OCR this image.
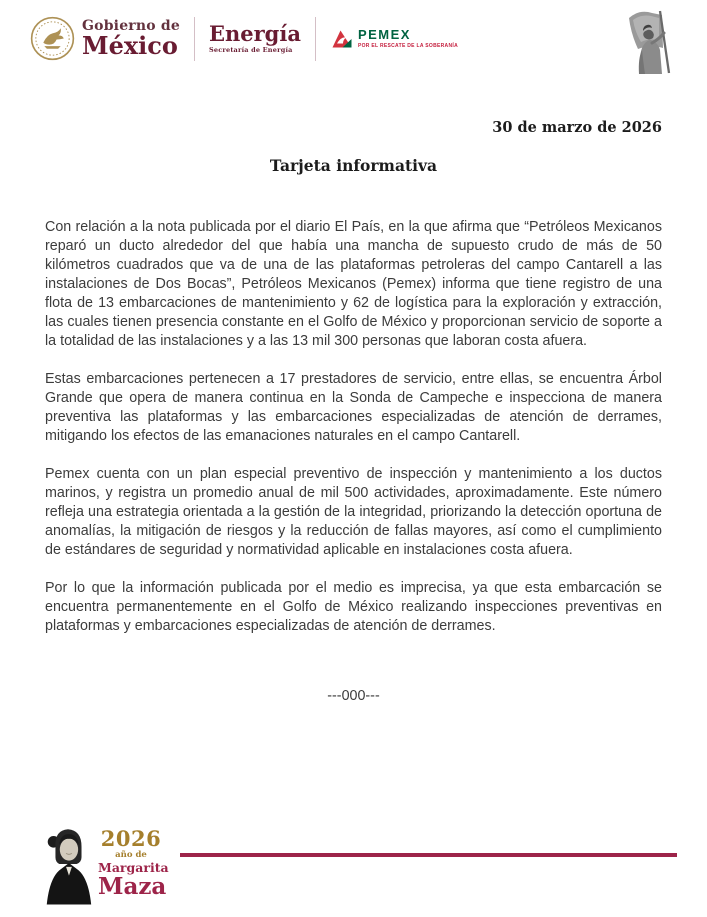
Gobierno de
México Energía
Secretaría de Energía
PEMEX
POR EL RESCATE DE LA SOBERANÍA
30 de marzo de 2026
Tarjeta informativa

Con relación a la nota publicada por el diario El País, en la que afirma que “Petróleos Mexicanos reparó un ducto alrededor del que había una mancha de supuesto crudo de más de 50 kilómetros cuadrados que va de una de las plataformas petroleras del campo Cantarell a las instalaciones de Dos Bocas”, Petróleos Mexicanos (Pemex) informa que tiene registro de una flota de 13 embarcaciones de mantenimiento y 62 de logística para la exploración y extracción, las cuales tienen presencia constante en el Golfo de México y proporcionan servicio de soporte a la totalidad de las instalaciones y a las 13 mil 300 personas que laboran costa afuera.

Estas embarcaciones pertenecen a 17 prestadores de servicio, entre ellas, se encuentra Árbol Grande que opera de manera continua en la Sonda de Campeche e inspecciona de manera preventiva las plataformas y las embarcaciones especializadas de atención de derrames, mitigando los efectos de las emanaciones naturales en el campo Cantarell.

Pemex cuenta con un plan especial preventivo de inspección y mantenimiento a los ductos marinos, y registra un promedio anual de mil 500 actividades, aproximadamente. Este número refleja una estrategia orientada a la gestión de la integridad, priorizando la detección oportuna de anomalías, la mitigación de riesgos y la reducción de fallas mayores, así como el cumplimiento de estándares de seguridad y normatividad aplicable en instalaciones costa afuera.

Por lo que la información publicada por el medio es imprecisa, ya que esta embarcación se encuentra permanentemente en el Golfo de México realizando inspecciones preventivas en plataformas y embarcaciones especializadas de atención de derrames.

---000---
2026
año de
Margarita
Maza
